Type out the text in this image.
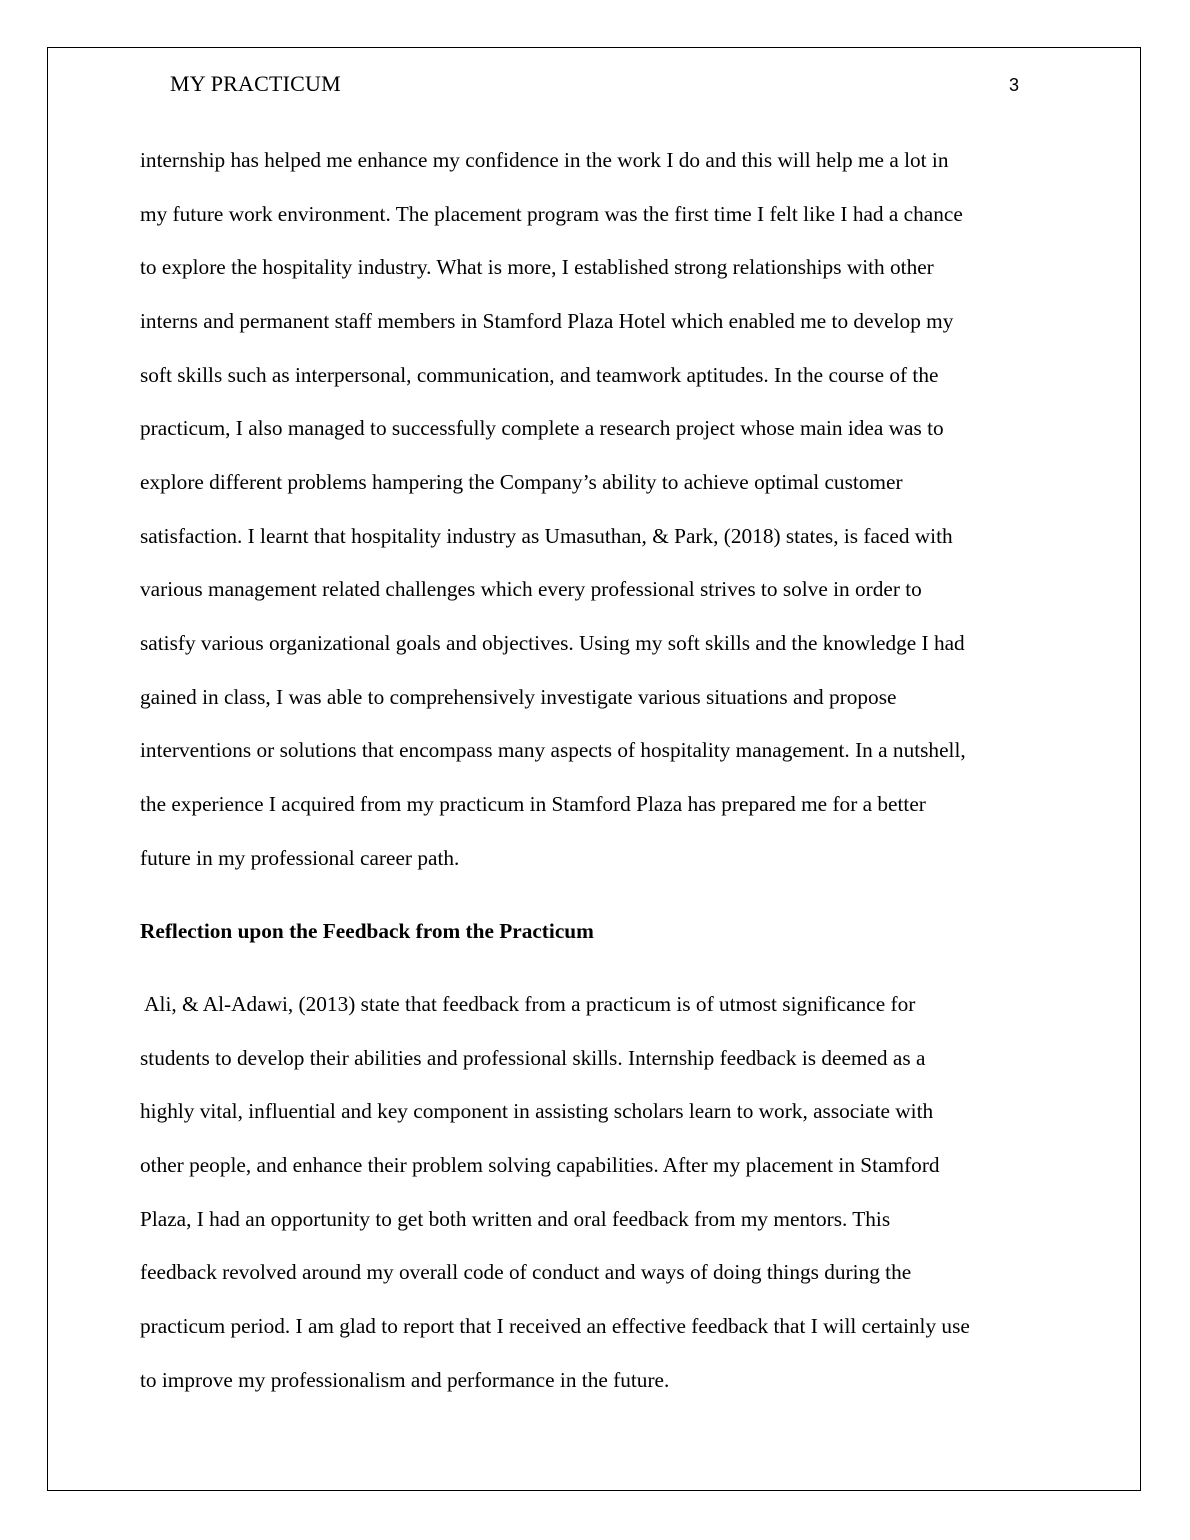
MY PRACTICUM	3
internship has helped me enhance my confidence in the work I do and this will help me a lot in
my future work environment. The placement program was the first time I felt like I had a chance
to explore the hospitality industry. What is more, I established strong relationships with other
interns and permanent staff members in Stamford Plaza Hotel which enabled me to develop my
soft skills such as interpersonal, communication, and teamwork aptitudes. In the course of the
practicum, I also managed to successfully complete a research project whose main idea was to
explore different problems hampering the Company’s ability to achieve optimal customer
satisfaction. I learnt that hospitality industry as Umasuthan, & Park, (2018) states, is faced with
various management related challenges which every professional strives to solve in order to
satisfy various organizational goals and objectives. Using my soft skills and the knowledge I had
gained in class, I was able to comprehensively investigate various situations and propose
interventions or solutions that encompass many aspects of hospitality management. In a nutshell,
the experience I acquired from my practicum in Stamford Plaza has prepared me for a better
future in my professional career path.
Reflection upon the Feedback from the Practicum
Ali, & Al-Adawi, (2013) state that feedback from a practicum is of utmost significance for
students to develop their abilities and professional skills. Internship feedback is deemed as a
highly vital, influential and key component in assisting scholars learn to work, associate with
other people, and enhance their problem solving capabilities. After my placement in Stamford
Plaza, I had an opportunity to get both written and oral feedback from my mentors. This
feedback revolved around my overall code of conduct and ways of doing things during the
practicum period. I am glad to report that I received an effective feedback that I will certainly use
to improve my professionalism and performance in the future.
